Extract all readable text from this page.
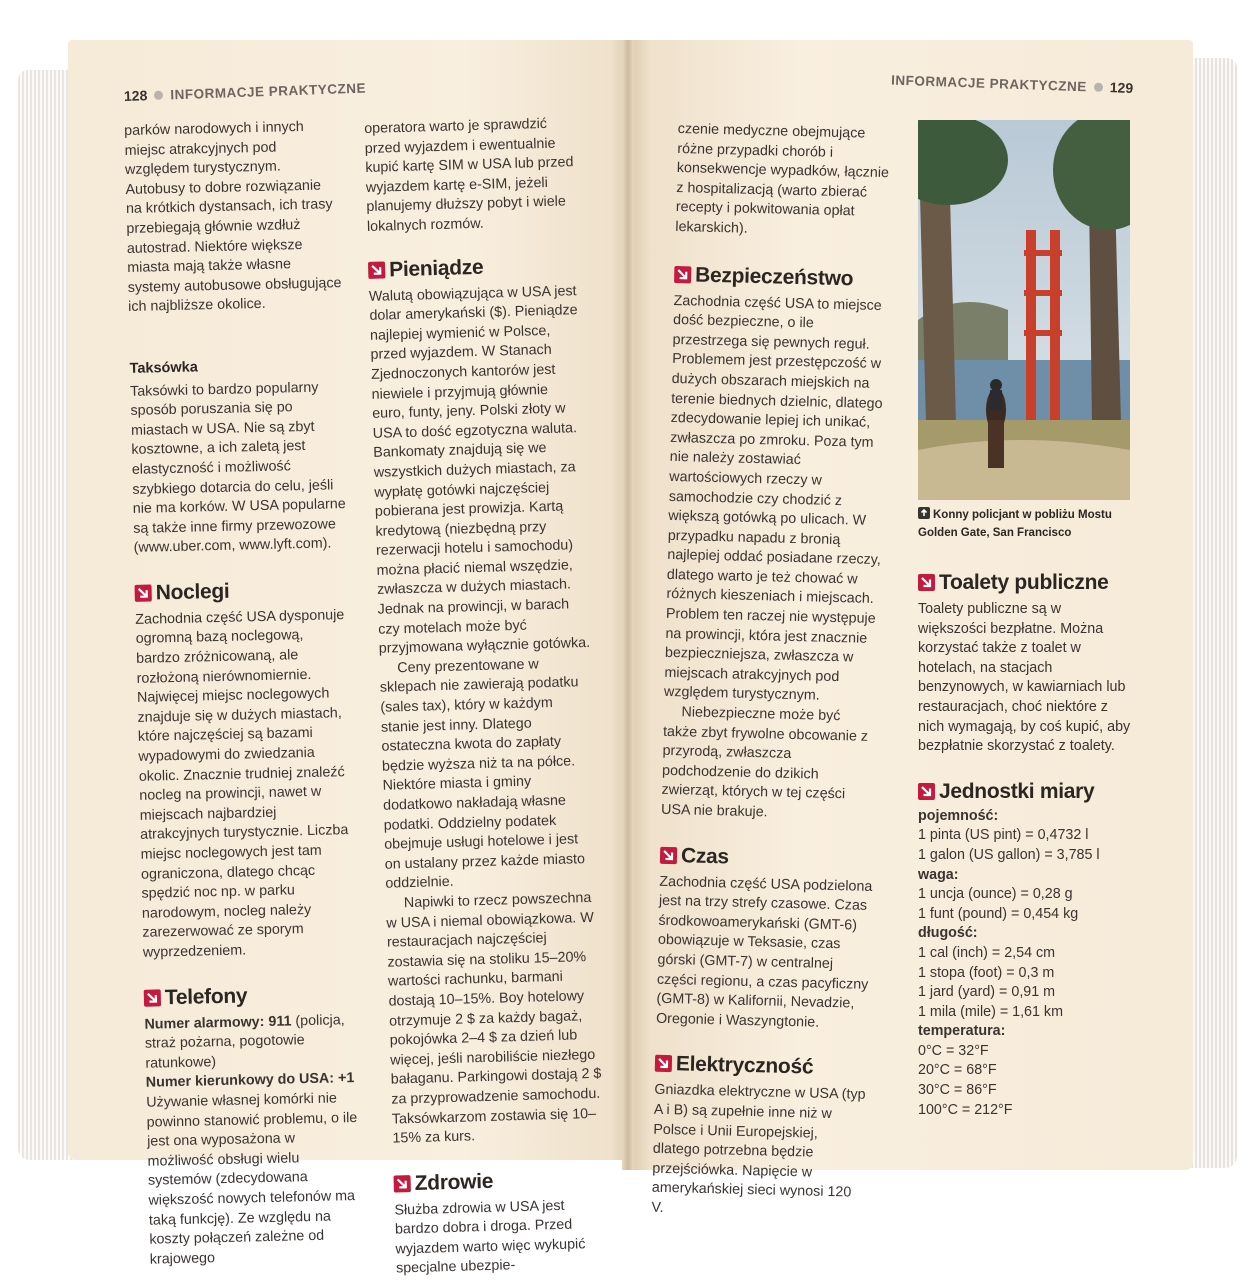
128 INFORMACJE PRAKTYCZNE

parków narodowych i innych miejsc atrakcyjnych pod względem turystycznym. Autobusy to dobre rozwiązanie na krótkich dystansach, ich trasy przebiegają głównie wzdłuż autostrad. Niektóre większe miasta mają także własne systemy autobusowe obsługujące ich najbliższe okolice.

Taksówka

Taksówki to bardzo popularny sposób poruszania się po miastach w USA. Nie są zbyt kosztowne, a ich zaletą jest elastyczność i możliwość szybkiego dotarcia do celu, jeśli nie ma korków. W USA popularne są także inne firmy przewozowe (www.uber.com, www.lyft.com).

Noclegi

Zachodnia część USA dysponuje ogromną bazą noclegową, bardzo zróżnicowaną, ale rozłożoną nierównomiernie. Najwięcej miejsc noclegowych znajduje się w dużych miastach, które najczęściej są bazami wypadowymi do zwiedzania okolic. Znacznie trudniej znaleźć nocleg na prowincji, nawet w miejscach najbardziej atrakcyjnych turystycznie. Liczba miejsc noclegowych jest tam ograniczona, dlatego chcąc spędzić noc np. w parku narodowym, nocleg należy zarezerwować ze sporym wyprzedzeniem.

Telefony

Numer alarmowy: 911 (policja, straż pożarna, pogotowie ratunkowe)

Numer kierunkowy do USA: +1

Używanie własnej komórki nie powinno stanowić problemu, o ile jest ona wyposażona w możliwość obsługi wielu systemów (zdecydowana większość nowych telefonów ma taką funkcję). Ze względu na koszty połączeń zależne od krajowego

operatora warto je sprawdzić przed wyjazdem i ewentualnie kupić kartę SIM w USA lub przed wyjazdem kartę e-SIM, jeżeli planujemy dłuższy pobyt i wiele lokalnych rozmów.

Pieniądze

Walutą obowiązująca w USA jest dolar amerykański ($). Pieniądze najlepiej wymienić w Polsce, przed wyjazdem. W Stanach Zjednoczonych kantorów jest niewiele i przyjmują głównie euro, funty, jeny. Polski złoty w USA to dość egzotyczna waluta. Bankomaty znajdują się we wszystkich dużych miastach, za wypłatę gotówki najczęściej pobierana jest prowizja. Kartą kredytową (niezbędną przy rezerwacji hotelu i samochodu) można płacić niemal wszędzie, zwłaszcza w dużych miastach. Jednak na prowincji, w barach czy motelach może być przyjmowana wyłącznie gotówka.

Ceny prezentowane w sklepach nie zawierają podatku (sales tax), który w każdym stanie jest inny. Dlatego ostateczna kwota do zapłaty będzie wyższa niż ta na półce. Niektóre miasta i gminy dodatkowo nakładają własne podatki. Oddzielny podatek obejmuje usługi hotelowe i jest on ustalany przez każde miasto oddzielnie.

Napiwki to rzecz powszechna w USA i niemal obowiązkowa. W restauracjach najczęściej zostawia się na stoliku 15–20% wartości rachunku, barmani dostają 10–15%. Boy hotelowy otrzymuje 2 $ za każdy bagaż, pokojówka 2–4 $ za dzień lub więcej, jeśli narobiliście niezłego bałaganu. Parkingowi dostają 2 $ za przyprowadzenie samochodu. Taksówkarzom zostawia się 10–15% za kurs.

Zdrowie

Służba zdrowia w USA jest bardzo dobra i droga. Przed wyjazdem warto więc wykupić specjalne ubezpie-

INFORMACJE PRAKTYCZNE 129

czenie medyczne obejmujące różne przypadki chorób i konsekwencje wypadków, łącznie z hospitalizacją (warto zbierać recepty i pokwitowania opłat lekarskich).

Bezpieczeństwo

Zachodnia część USA to miejsce dość bezpieczne, o ile przestrzega się pewnych reguł. Problemem jest przestępczość w dużych obszarach miejskich na terenie biednych dzielnic, dlatego zdecydowanie lepiej ich unikać, zwłaszcza po zmroku. Poza tym nie należy zostawiać wartościowych rzeczy w samochodzie czy chodzić z większą gotówką po ulicach. W przypadku napadu z bronią najlepiej oddać posiadane rzeczy, dlatego warto je też chować w różnych kieszeniach i miejscach. Problem ten raczej nie występuje na prowincji, która jest znacznie bezpieczniejsza, zwłaszcza w miejscach atrakcyjnych pod względem turystycznym.

Niebezpieczne może być także zbyt frywolne obcowanie z przyrodą, zwłaszcza podchodzenie do dzikich zwierząt, których w tej części USA nie brakuje.

Czas

Zachodnia część USA podzielona jest na trzy strefy czasowe. Czas środkowoamerykański (GMT-6) obowiązuje w Teksasie, czas górski (GMT-7) w centralnej części regionu, a czas pacyficzny (GMT-8) w Kalifornii, Nevadzie, Oregonie i Waszyngtonie.

Elektryczność

Gniazdka elektryczne w USA (typ A i B) są zupełnie inne niż w Polsce i Unii Europejskiej, dlatego potrzebna będzie przejściówka. Napięcie w amerykańskiej sieci wynosi 120 V.

Konny policjant w pobliżu Mostu Golden Gate, San Francisco

Toalety publiczne

Toalety publiczne są w większości bezpłatne. Można korzystać także z toalet w hotelach, na stacjach benzynowych, w kawiarniach lub restauracjach, choć niektóre z nich wymagają, by coś kupić, aby bezpłatnie skorzystać z toalety.

Jednostki miary

pojemność:

1 pinta (US pint) = 0,4732 l

1 galon (US gallon) = 3,785 l

waga:

1 uncja (ounce) = 0,28 g

1 funt (pound) = 0,454 kg

długość:

1 cal (inch) = 2,54 cm

1 stopa (foot) = 0,3 m

1 jard (yard) = 0,91 m

1 mila (mile) = 1,61 km

temperatura:

0°C = 32°F

20°C = 68°F

30°C = 86°F

100°C = 212°F
